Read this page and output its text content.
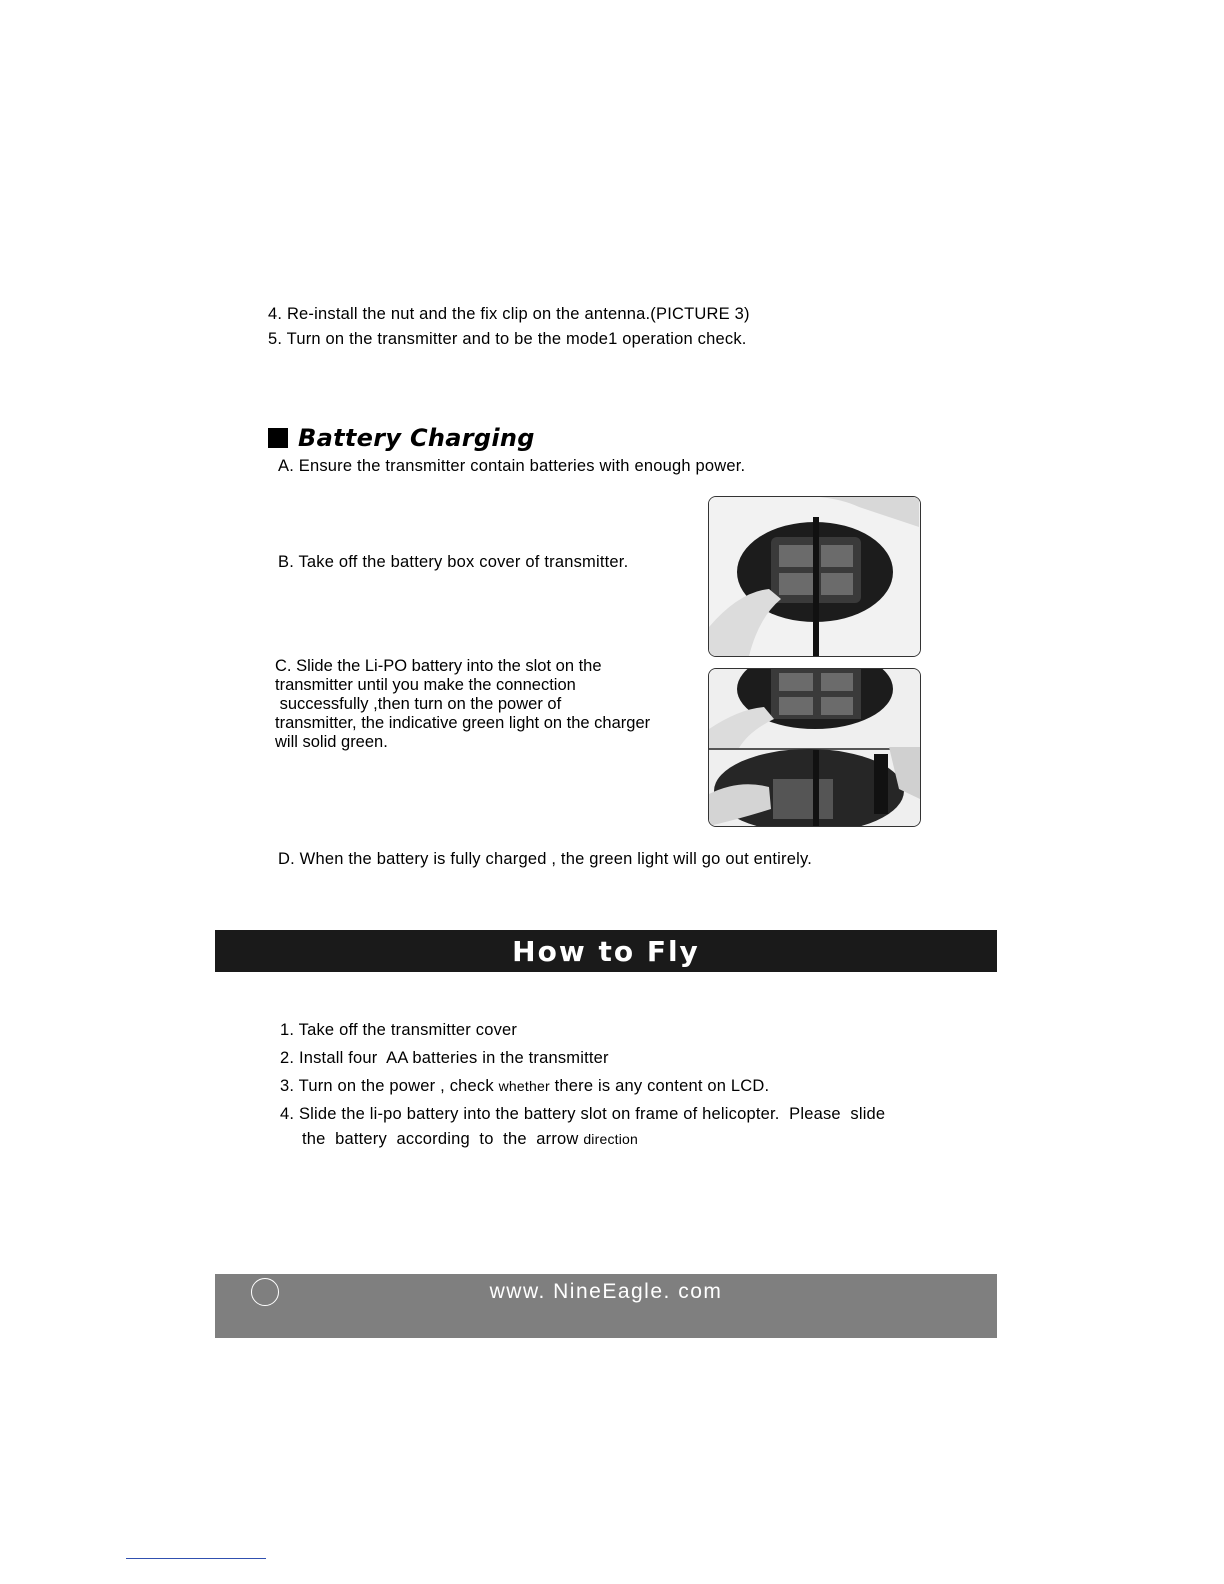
4. Re-install the nut and the fix clip on the antenna.(PICTURE 3)
5. Turn on the transmitter and to be the mode1 operation check.
Battery Charging
A. Ensure the transmitter contain batteries with enough power.
B. Take off the battery box cover of transmitter.
C. Slide the Li-PO battery into the slot on the
transmitter until you make the connection
successfully ,then turn on the power of
transmitter, the indicative green light on the charger
will solid green.
D. When the battery is fully charged , the green light will go out entirely.
How to Fly
1. Take off the transmitter cover
2. Install four  AA batteries in the transmitter
3. Turn on the power , check whether there is any content on LCD.
4. Slide the li-po battery into the battery slot on frame of helicopter.  Please  slide
the  battery  according  to  the  arrow direction
www. NineEagle. com
